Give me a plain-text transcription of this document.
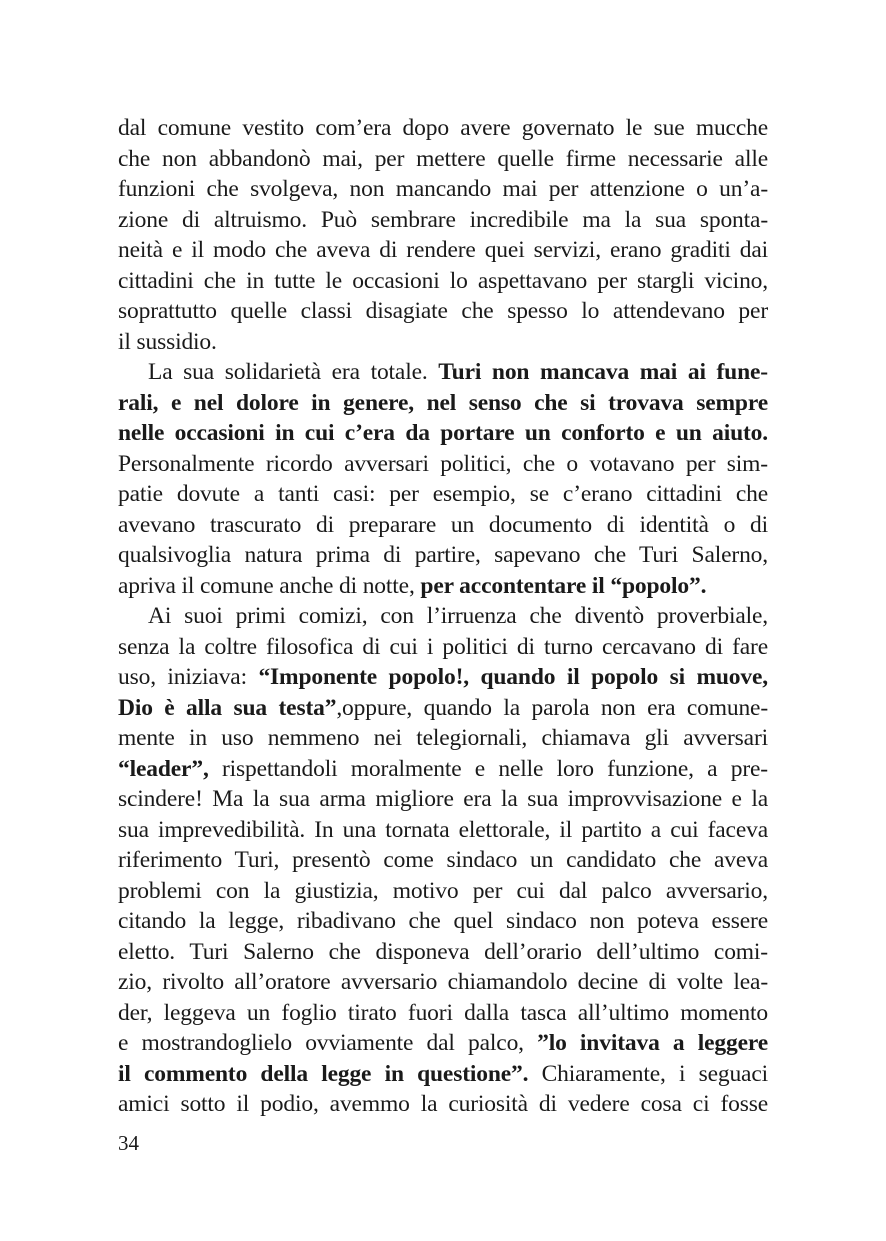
dal comune vestito com’era dopo avere governato le sue mucche
che non abbandonò mai, per mettere quelle firme necessarie alle
funzioni che svolgeva, non mancando mai per attenzione o un’a-
zione di altruismo. Può sembrare incredibile ma la sua sponta-
neità e il modo che aveva di rendere quei servizi, erano graditi dai
cittadini che in tutte le occasioni lo aspettavano per stargli vicino,
soprattutto quelle classi disagiate che spesso lo attendevano per
il sussidio.
La sua solidarietà era totale. Turi non mancava mai ai fune-
rali, e nel dolore in genere, nel senso che si trovava sempre
nelle occasioni in cui c’era da portare un conforto e un aiuto.
Personalmente ricordo avversari politici, che o votavano per sim-
patie dovute a tanti casi: per esempio, se c’erano cittadini che
avevano trascurato di preparare un documento di identità o di
qualsivoglia natura prima di partire, sapevano che Turi Salerno,
apriva il comune anche di notte, per accontentare il “popolo”.
Ai suoi primi comizi, con l’irruenza che diventò proverbiale,
senza la coltre filosofica di cui i politici di turno cercavano di fare
uso, iniziava: “Imponente popolo!, quando il popolo si muove,
Dio è alla sua testa”,oppure, quando la parola non era comune-
mente in uso nemmeno nei telegiornali, chiamava gli avversari
“leader”, rispettandoli moralmente e nelle loro funzione, a pre-
scindere! Ma la sua arma migliore era la sua improvvisazione e la
sua imprevedibilità. In una tornata elettorale, il partito a cui faceva
riferimento Turi, presentò come sindaco un candidato che aveva
problemi con la giustizia, motivo per cui dal palco avversario,
citando la legge, ribadivano che quel sindaco non poteva essere
eletto. Turi Salerno che disponeva dell’orario dell’ultimo comi-
zio, rivolto all’oratore avversario chiamandolo decine di volte lea-
der, leggeva un foglio tirato fuori dalla tasca all’ultimo momento
e mostrandoglielo ovviamente dal palco, ”lo invitava a leggere
il commento della legge in questione”. Chiaramente, i seguaci
amici sotto il podio, avemmo la curiosità di vedere cosa ci fosse
34
